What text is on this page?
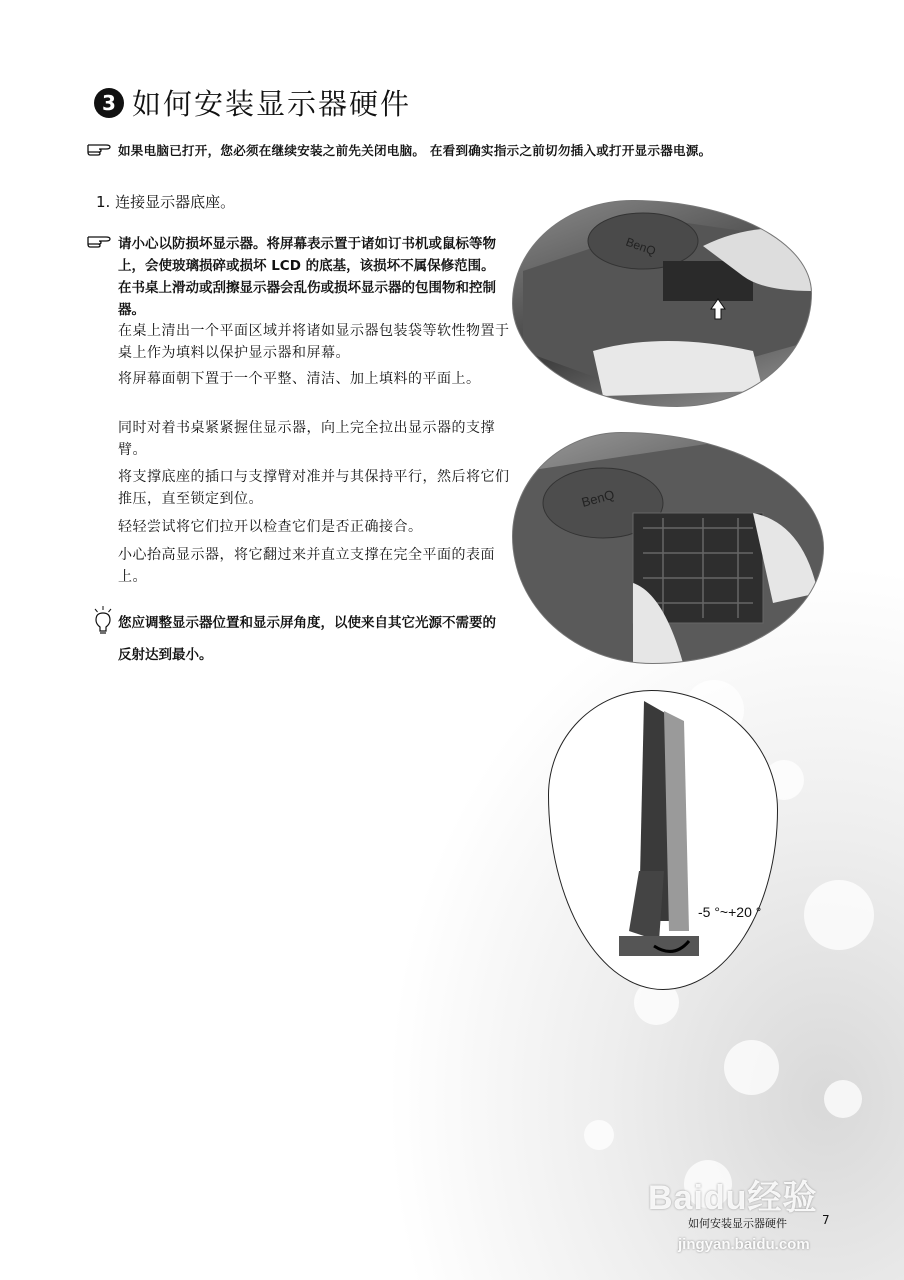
3 如何安装显示器硬件
如果电脑已打开，您必须在继续安装之前先关闭电脑。 在看到确实指示之前切勿插入或打开显示器电源。
1. 连接显示器底座。
请小心以防损坏显示器。将屏幕表示置于诸如订书机或鼠标等物上，会使玻璃损碎或损坏 LCD 的底基，该损坏不属保修范围。在书桌上滑动或刮擦显示器会乱伤或损坏显示器的包围物和控制器。
在桌上清出一个平面区域并将诸如显示器包装袋等软性物置于桌上作为填料以保护显示器和屏幕。
将屏幕面朝下置于一个平整、清洁、加上填料的平面上。
同时对着书桌紧紧握住显示器，向上完全拉出显示器的支撑臂。
将支撑底座的插口与支撑臂对准并与其保持平行，然后将它们推压，直至锁定到位。
轻轻尝试将它们拉开以检查它们是否正确接合。
小心抬高显示器，将它翻过来并直立支撑在完全平面的表面上。
您应调整显示器位置和显示屏角度，以使来自其它光源不需要的反射达到最小。
BenQ
BenQ
-5 °~+20 °
Baidu经验
jingyan.baidu.com
如何安装显示器硬件	7
